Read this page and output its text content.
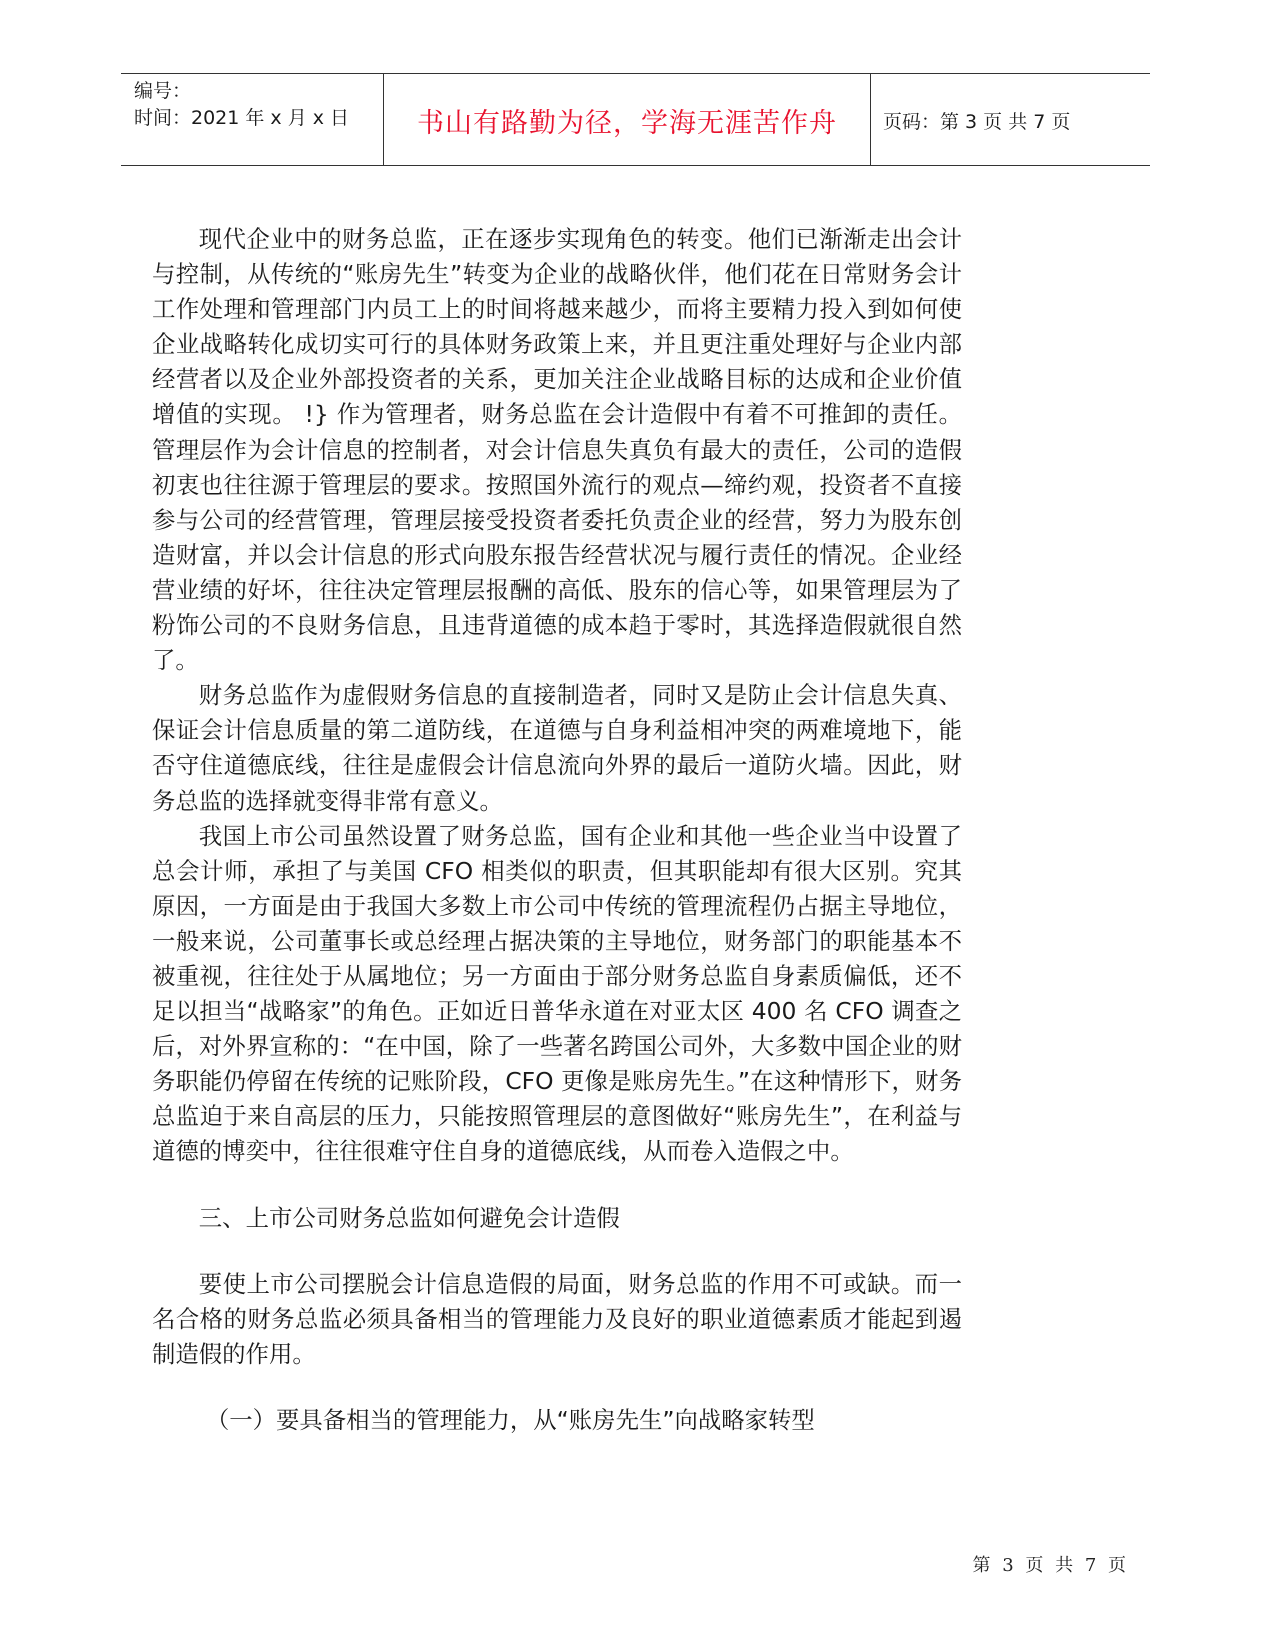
编号：
时间：2021 年 x 月 x 日	书山有路勤为径，学海无涯苦作舟 页码：第 3 页 共 7 页

现代企业中的财务总监，正在逐步实现角色的转变。他们已渐渐走出会计与控制，从传统的“账房先生”转变为企业的战略伙伴，他们花在日常财务会计工作处理和管理部门内员工上的时间将越来越少，而将主要精力投入到如何使企业战略转化成切实可行的具体财务政策上来，并且更注重处理好与企业内部经营者以及企业外部投资者的关系，更加关注企业战略目标的达成和企业价值增值的实现。 !} 作为管理者，财务总监在会计造假中有着不可推卸的责任。管理层作为会计信息的控制者，对会计信息失真负有最大的责任，公司的造假初衷也往往源于管理层的要求。按照国外流行的观点—缔约观，投资者不直接参与公司的经营管理，管理层接受投资者委托负责企业的经营，努力为股东创造财富，并以会计信息的形式向股东报告经营状况与履行责任的情况。企业经营业绩的好坏，往往决定管理层报酬的高低、股东的信心等，如果管理层为了粉饰公司的不良财务信息，且违背道德的成本趋于零时，其选择造假就很自然了。

财务总监作为虚假财务信息的直接制造者，同时又是防止会计信息失真、保证会计信息质量的第二道防线，在道德与自身利益相冲突的两难境地下，能否守住道德底线，往往是虚假会计信息流向外界的最后一道防火墙。因此，财务总监的选择就变得非常有意义。

我国上市公司虽然设置了财务总监，国有企业和其他一些企业当中设置了总会计师，承担了与美国 CFO 相类似的职责，但其职能却有很大区别。究其原因，一方面是由于我国大多数上市公司中传统的管理流程仍占据主导地位，一般来说，公司董事长或总经理占据决策的主导地位，财务部门的职能基本不被重视，往往处于从属地位；另一方面由于部分财务总监自身素质偏低，还不足以担当“战略家”的角色。正如近日普华永道在对亚太区 400 名 CFO 调查之后，对外界宣称的：“在中国，除了一些著名跨国公司外，大多数中国企业的财务职能仍停留在传统的记账阶段，CFO 更像是账房先生。”在这种情形下，财务总监迫于来自高层的压力，只能按照管理层的意图做好“账房先生”，在利益与道德的博奕中，往往很难守住自身的道德底线，从而卷入造假之中。

三、上市公司财务总监如何避免会计造假

要使上市公司摆脱会计信息造假的局面，财务总监的作用不可或缺。而一名合格的财务总监必须具备相当的管理能力及良好的职业道德素质才能起到遏制造假的作用。

（一）要具备相当的管理能力，从“账房先生”向战略家转型

第 3 页 共 7 页
